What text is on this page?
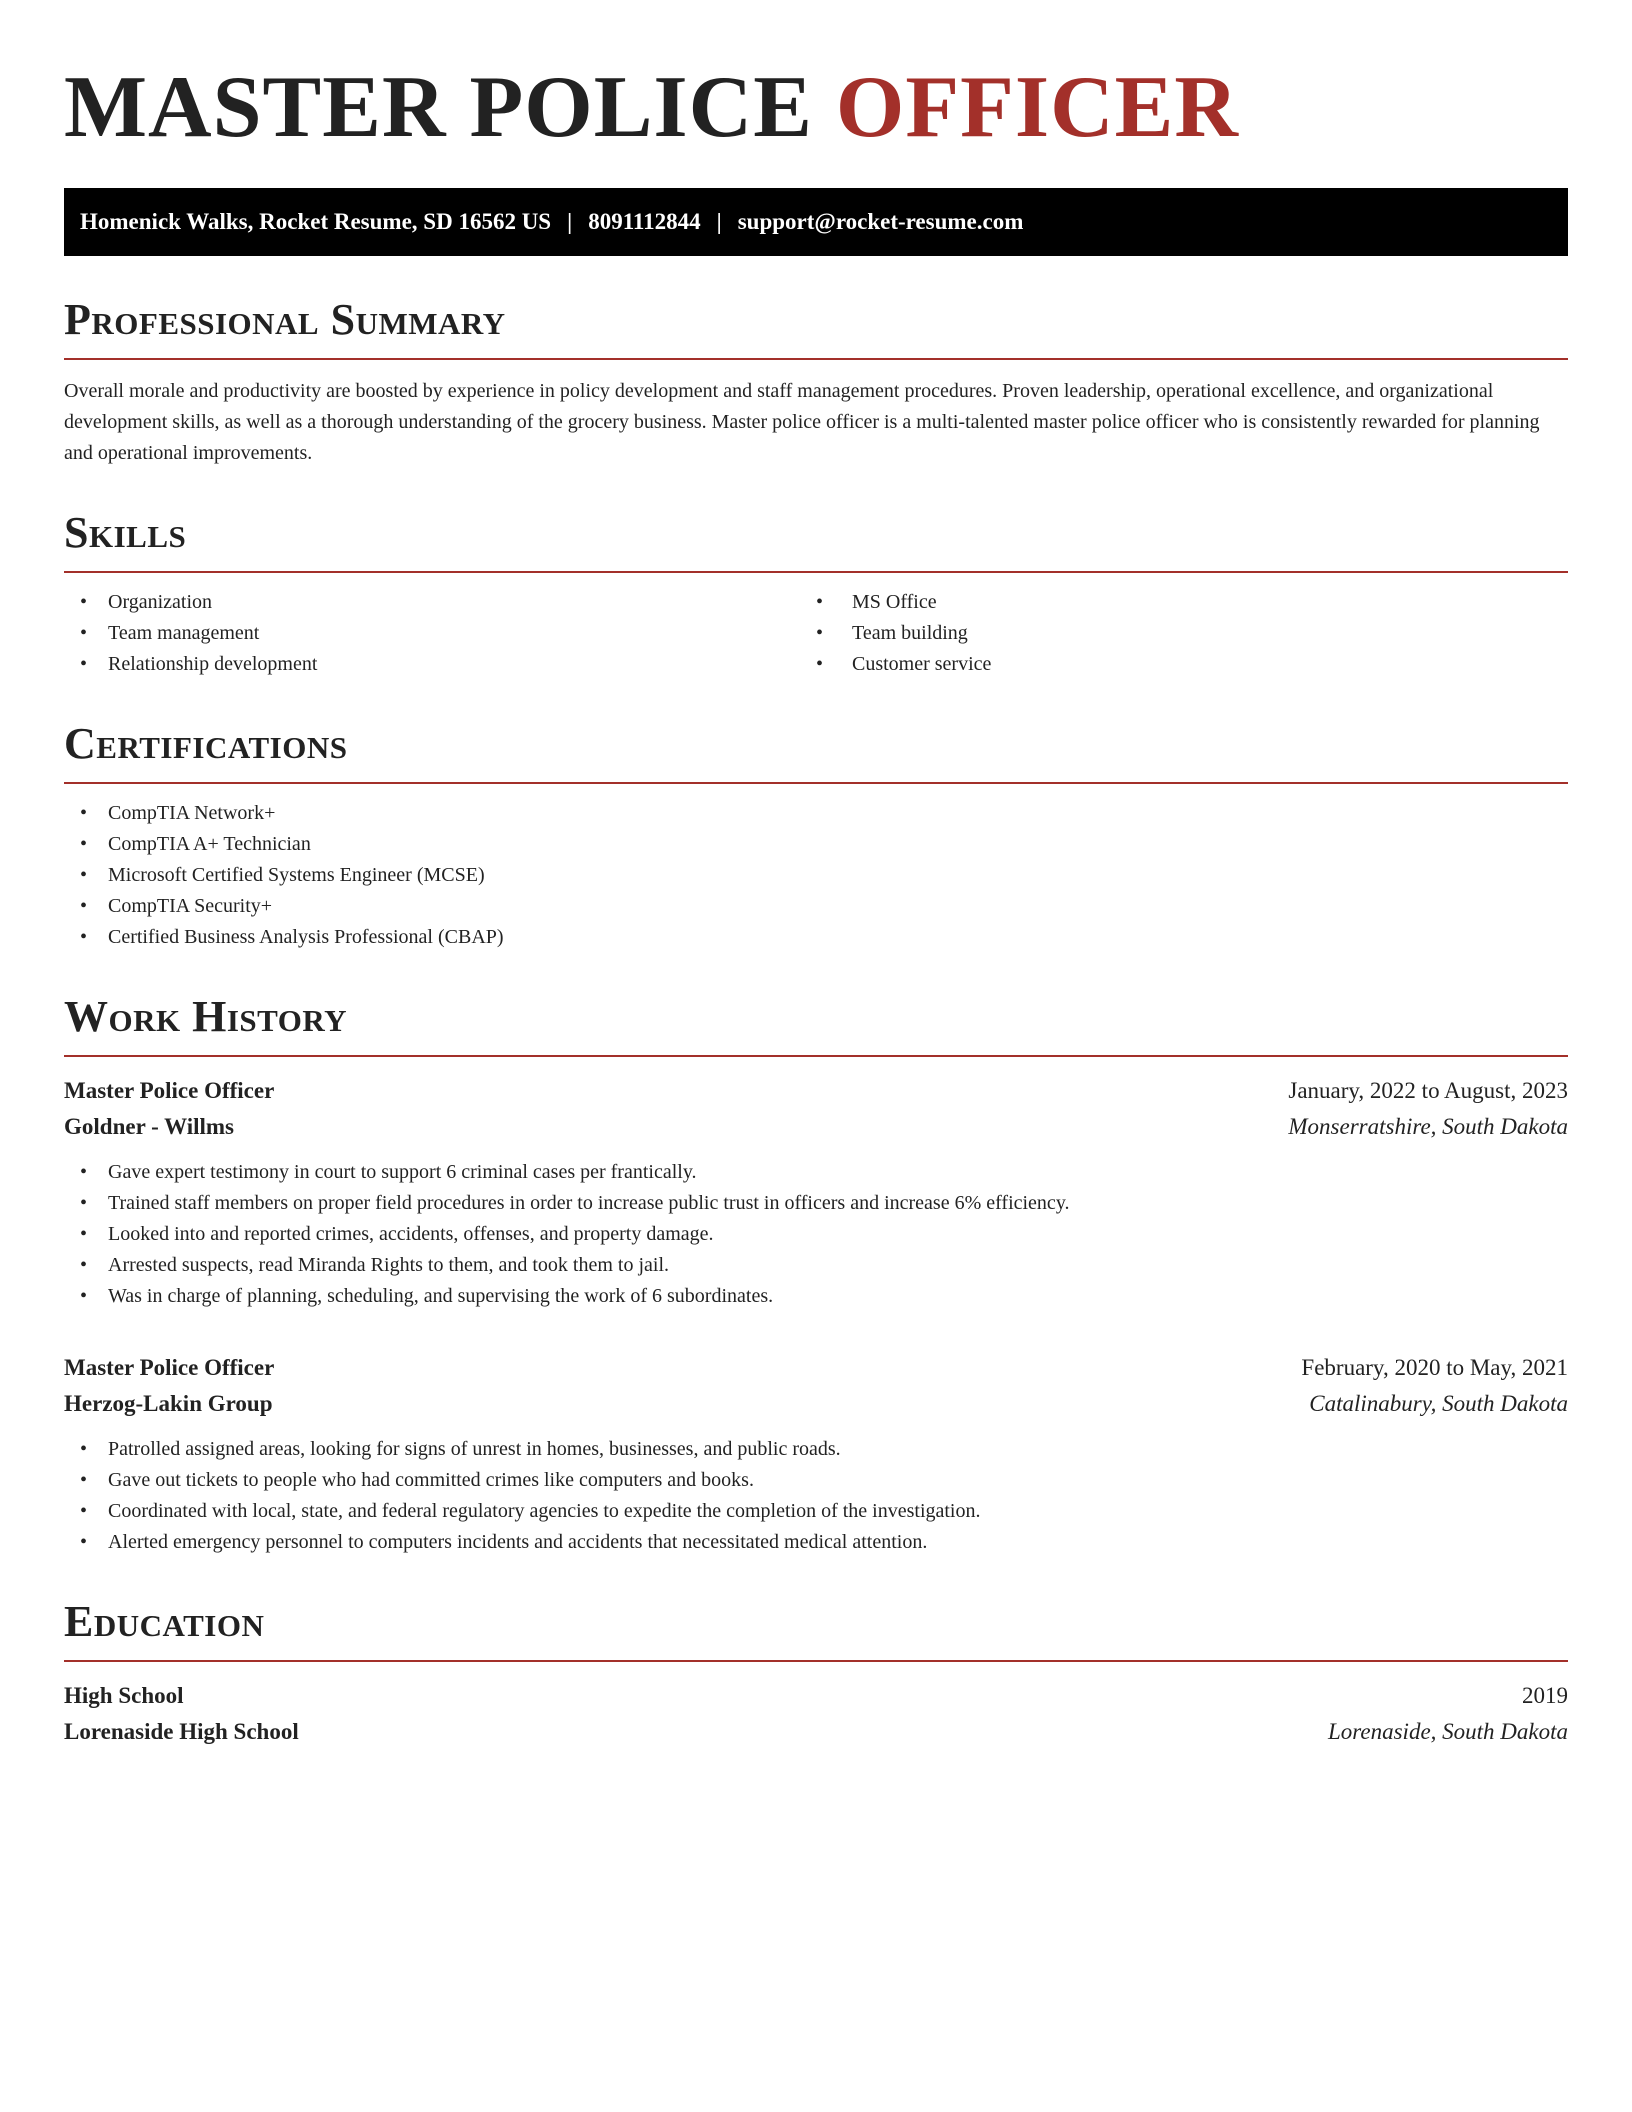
MASTER POLICE OFFICER
Homenick Walks, Rocket Resume, SD 16562 US | 8091112844 | support@rocket-resume.com
Professional Summary

Overall morale and productivity are boosted by experience in policy development and staff management procedures. Proven leadership, operational excellence, and organizational development skills, as well as a thorough understanding of the grocery business. Master police officer is a multi-talented master police officer who is consistently rewarded for planning and operational improvements.

Skills
• Organization
• Team management
• Relationship development
• MS Office
• Team building
• Customer service
Certifications
• CompTIA Network+
• CompTIA A+ Technician
• Microsoft Certified Systems Engineer (MCSE)
• CompTIA Security+
• Certified Business Analysis Professional (CBAP)
Work History
Master Police Officer	January, 2022 to August, 2023
Goldner - Willms	Monserratshire, South Dakota
• Gave expert testimony in court to support 6 criminal cases per frantically.
• Trained staff members on proper field procedures in order to increase public trust in officers and increase 6% efficiency.
• Looked into and reported crimes, accidents, offenses, and property damage.
• Arrested suspects, read Miranda Rights to them, and took them to jail.
• Was in charge of planning, scheduling, and supervising the work of 6 subordinates.
Master Police Officer	February, 2020 to May, 2021
Herzog-Lakin Group	Catalinabury, South Dakota
• Patrolled assigned areas, looking for signs of unrest in homes, businesses, and public roads.
• Gave out tickets to people who had committed crimes like computers and books.
• Coordinated with local, state, and federal regulatory agencies to expedite the completion of the investigation.
• Alerted emergency personnel to computers incidents and accidents that necessitated medical attention.
Education
High School	2019
Lorenaside High School	Lorenaside, South Dakota
